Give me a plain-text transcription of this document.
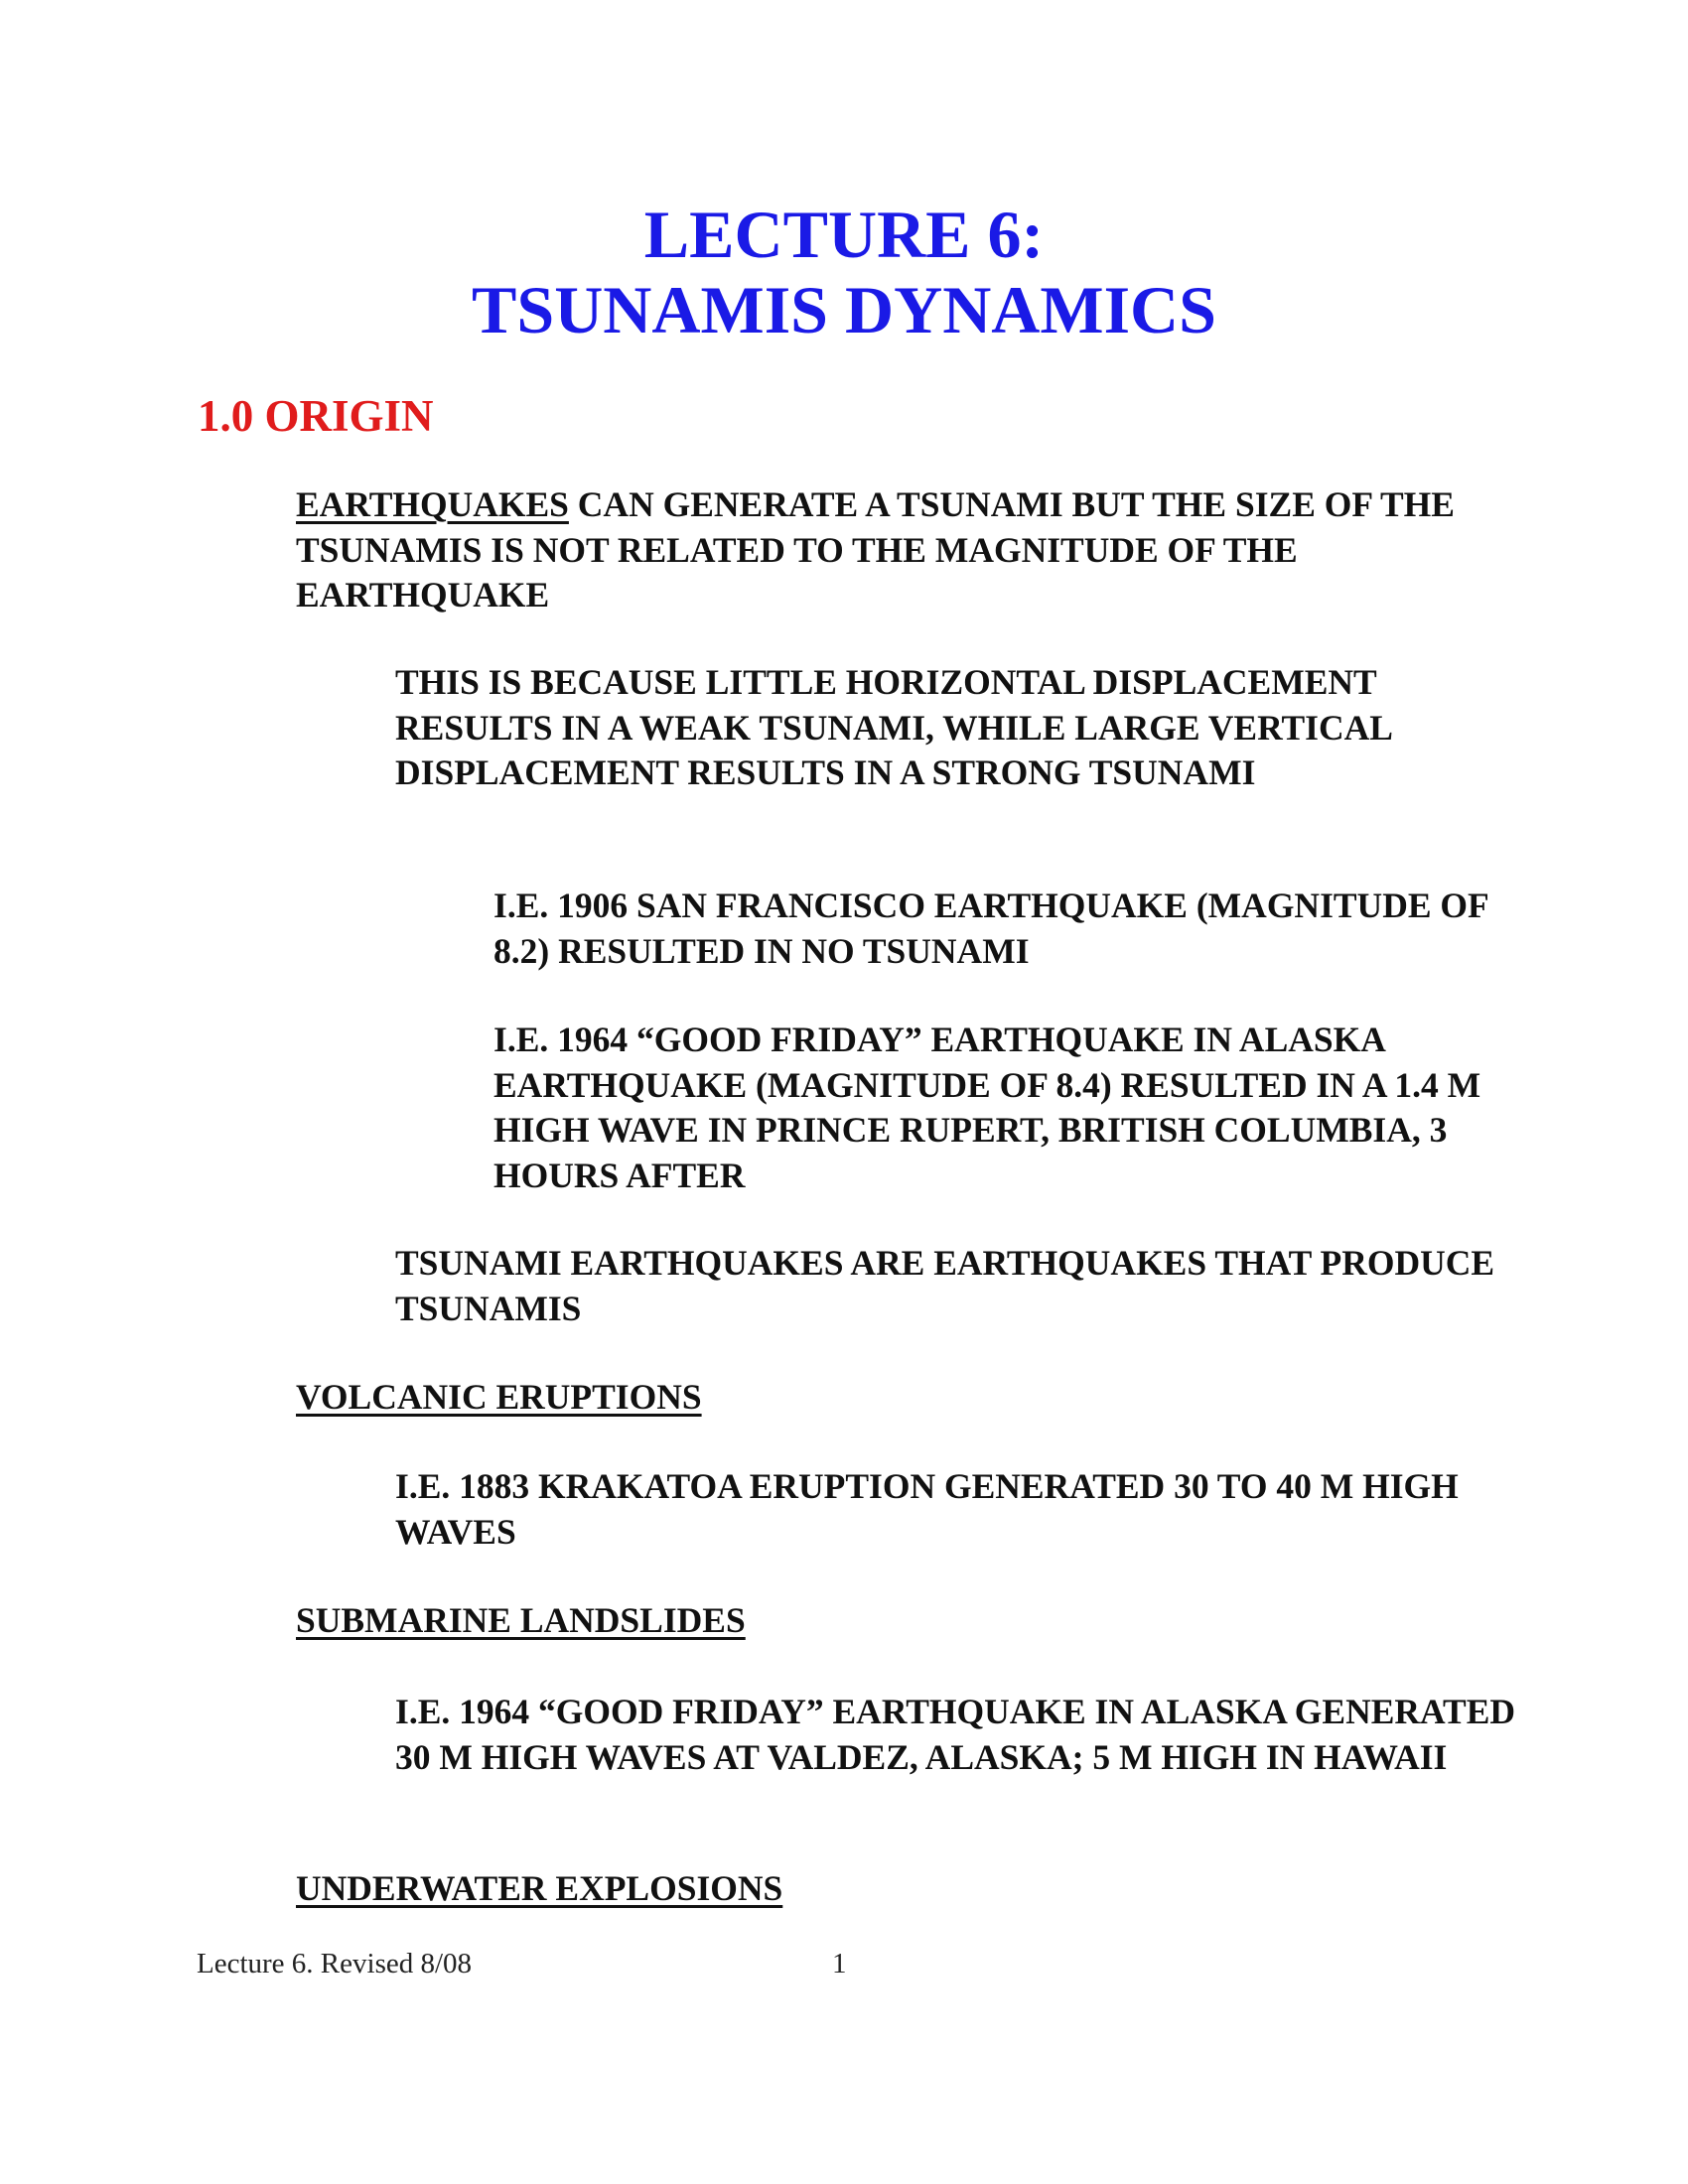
LECTURE 6:
TSUNAMIS DYNAMICS
1.0 ORIGIN

EARTHQUAKES CAN GENERATE A TSUNAMI BUT THE SIZE OF THE TSUNAMIS IS NOT RELATED TO THE MAGNITUDE OF THE EARTHQUAKE

THIS IS BECAUSE LITTLE HORIZONTAL DISPLACEMENT RESULTS IN A WEAK TSUNAMI, WHILE LARGE VERTICAL DISPLACEMENT RESULTS IN A STRONG TSUNAMI

I.E. 1906 SAN FRANCISCO EARTHQUAKE (MAGNITUDE OF 8.2) RESULTED IN NO TSUNAMI

I.E. 1964 “GOOD FRIDAY” EARTHQUAKE IN ALASKA EARTHQUAKE (MAGNITUDE OF 8.4) RESULTED IN A 1.4 M HIGH WAVE IN PRINCE RUPERT, BRITISH COLUMBIA, 3 HOURS AFTER

TSUNAMI EARTHQUAKES ARE EARTHQUAKES THAT PRODUCE TSUNAMIS

VOLCANIC ERUPTIONS

I.E. 1883 KRAKATOA ERUPTION GENERATED 30 TO 40 M HIGH WAVES

SUBMARINE LANDSLIDES

I.E. 1964 “GOOD FRIDAY” EARTHQUAKE IN ALASKA GENERATED 30 M HIGH WAVES AT VALDEZ, ALASKA; 5 M HIGH IN HAWAII

UNDERWATER EXPLOSIONS

Lecture 6. Revised 8/08	1
